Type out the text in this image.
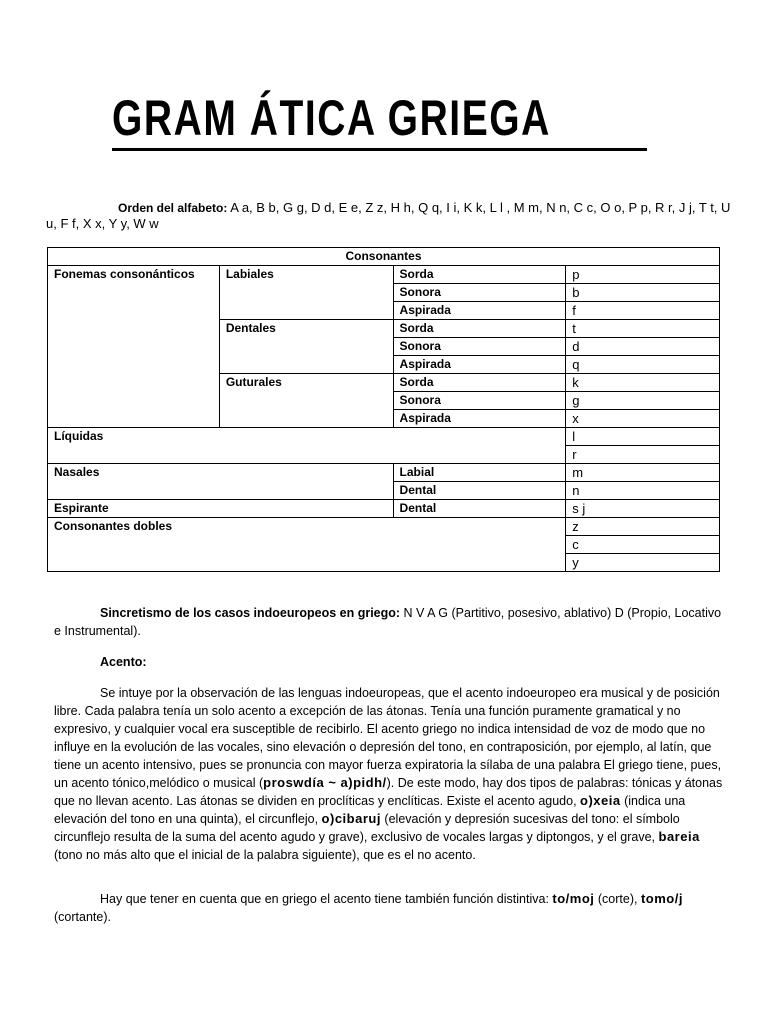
GRAM ÁTICA GRIEGA

Orden del alfabeto: A a, B b, G g, D d, E e, Z z, H h, Q q, I i, K k, L l , M m, N n, C c, O o, P p, R r, J j, T t, U u, F f, X x, Y y, W w

Consonantes			
Fonemas consonánticos	Labiales	Sorda	p
		Sonora	b
		Aspirada	f
	Dentales	Sorda	t
		Sonora	d
		Aspirada	q
	Guturales	Sorda	k
		Sonora	g
		Aspirada	x
Líquidas			l
			r
Nasales		Labial	m
		Dental	n
Espirante		Dental	s j
Consonantes dobles			z
			c
			y

Sincretismo de los casos indoeuropeos en griego: N V A G (Partitivo, posesivo, ablativo) D (Propio, Locativo e Instrumental).

Acento:

Se intuye por la observación de las lenguas indoeuropeas, que el acento indoeuropeo era musical y de posición libre. Cada palabra tenía un solo acento a excepción de las átonas. Tenía una función puramente gramatical y no expresivo, y cualquier vocal era susceptible de recibirlo. El acento griego no indica intensidad de voz de modo que no influye en la evolución de las vocales, sino elevación o depresión del tono, en contraposición, por ejemplo, al latín, que tiene un acento intensivo, pues se pronuncia con mayor fuerza expiratoria la sílaba de una palabra El griego tiene, pues, un acento tónico,melódico o musical (proswdía ~ a)pidh/). De este modo, hay dos tipos de palabras: tónicas y átonas que no llevan acento. Las átonas se dividen en proclíticas y enclíticas. Existe el acento agudo, o)xeia (indica una elevación del tono en una quinta), el circunflejo, o)cibaruj (elevación y depresión sucesivas del tono: el símbolo circunflejo resulta de la suma del acento agudo y grave), exclusivo de vocales largas y diptongos, y el grave, bareia (tono no más alto que el inicial de la palabra siguiente), que es el no acento.

Hay que tener en cuenta que en griego el acento tiene también función distintiva: to/moj (corte), tomo/j (cortante).
